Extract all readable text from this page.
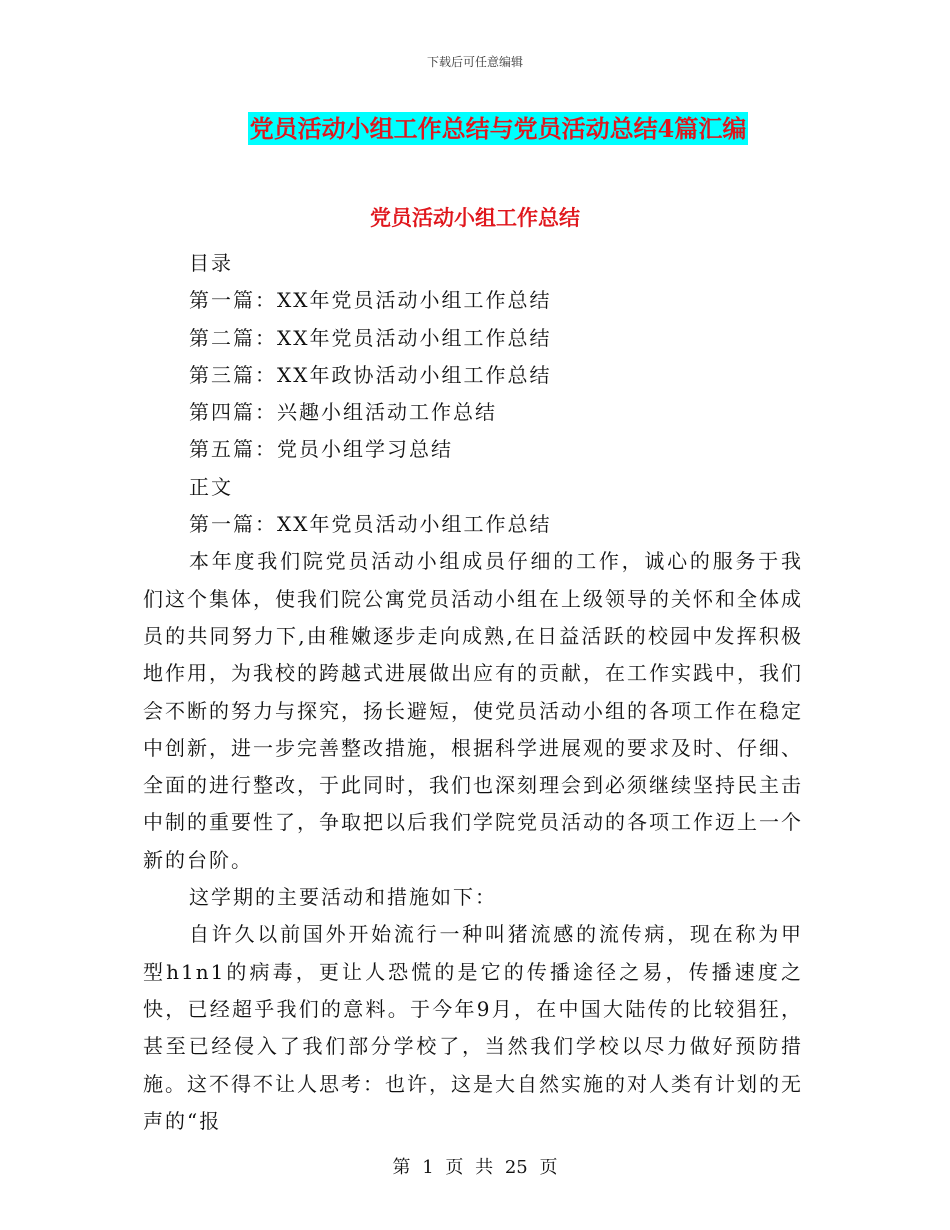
下载后可任意编辑
党员活动小组工作总结与党员活动总结4篇汇编
党员活动小组工作总结
目录
第一篇：XX年党员活动小组工作总结
第二篇：XX年党员活动小组工作总结
第三篇：XX年政协活动小组工作总结
第四篇：兴趣小组活动工作总结
第五篇：党员小组学习总结
正文
第一篇：XX年党员活动小组工作总结

本年度我们院党员活动小组成员仔细的工作，诚心的服务于我们这个集体，使我们院公寓党员活动小组在上级领导的关怀和全体成员的共同努力下,由稚嫩逐步走向成熟,在日益活跃的校园中发挥积极地作用，为我校的跨越式进展做出应有的贡献，在工作实践中，我们会不断的努力与探究，扬长避短，使党员活动小组的各项工作在稳定中创新，进一步完善整改措施，根据科学进展观的要求及时、仔细、全面的进行整改，于此同时，我们也深刻理会到必须继续坚持民主击中制的重要性了，争取把以后我们学院党员活动的各项工作迈上一个新的台阶。

这学期的主要活动和措施如下：

自许久以前国外开始流行一种叫猪流感的流传病，现在称为甲型h1n1的病毒，更让人恐慌的是它的传播途径之易，传播速度之快，已经超乎我们的意料。于今年9月，在中国大陆传的比较猖狂，甚至已经侵入了我们部分学校了，当然我们学校以尽力做好预防措施。这不得不让人思考：也许，这是大自然实施的对人类有计划的无声的“报

第 1 页 共 25 页
